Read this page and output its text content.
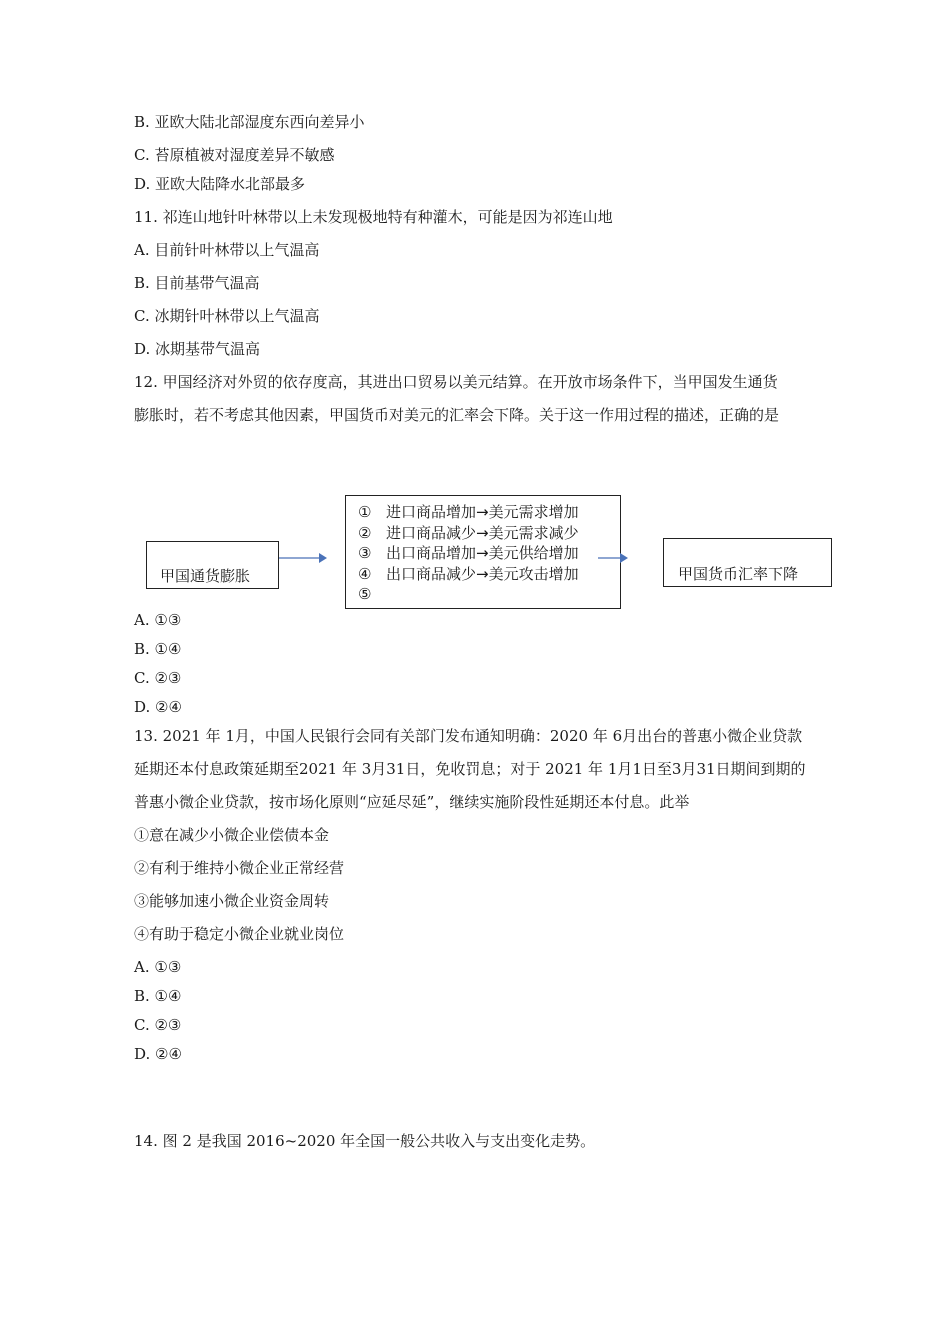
B. 亚欧大陆北部湿度东西向差异小
C. 苔原植被对湿度差异不敏感
D. 亚欧大陆降水北部最多
11. 祁连山地针叶林带以上未发现极地特有种灌木，可能是因为祁连山地
A. 目前针叶林带以上气温高
B. 目前基带气温高
C. 冰期针叶林带以上气温高
D. 冰期基带气温高
12. 甲国经济对外贸的依存度高，其进出口贸易以美元结算。在开放市场条件下，当甲国发生通货
膨胀时，若不考虑其他因素，甲国货币对美元的汇率会下降。关于这一作用过程的描述，正确的是
甲国通货膨胀
① 进口商品增加→美元需求增加
② 进口商品减少→美元需求减少
③ 出口商品增加→美元供给增加
④ 出口商品减少→美元攻击增加
⑤
甲国货币汇率下降
A. ①③
B. ①④
C. ②③
D. ②④
13. 2021 年 1月，中国人民银行会同有关部门发布通知明确：2020 年 6月出台的普惠小微企业贷款
延期还本付息政策延期至2021 年 3月31日，免收罚息；对于 2021 年 1月1日至3月31日期间到期的
普惠小微企业贷款，按市场化原则“应延尽延”，继续实施阶段性延期还本付息。此举
①意在减少小微企业偿债本金
②有利于维持小微企业正常经营
③能够加速小微企业资金周转
④有助于稳定小微企业就业岗位
A. ①③
B. ①④
C. ②③
D. ②④
14. 图 2 是我国 2016~2020 年全国一般公共收入与支出变化走势。
